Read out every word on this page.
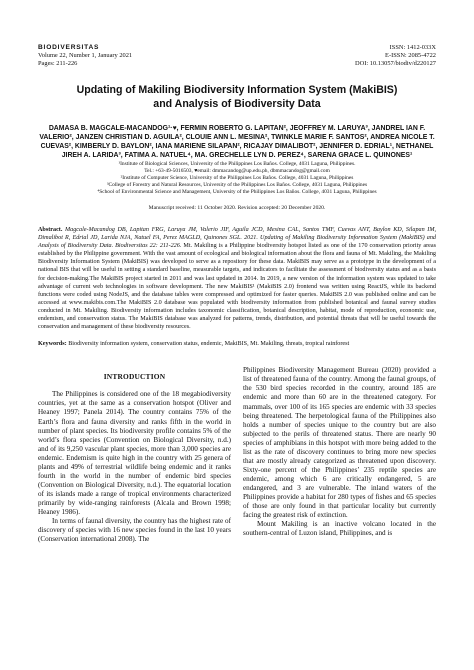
BIODIVERSITAS
Volume 22, Number 1, January 2021
Pages: 211-226
ISSN: 1412-033X
E-ISSN: 2085-4722
DOI: 10.13057/biodiv/d220127
Updating of Makiling Biodiversity Information System (MakiBIS) and Analysis of Biodiversity Data
DAMASA B. MAGCALE-MACANDOG¹·♥, FERMIN ROBERTO G. LAPITAN², JEOFFREY M. LARUYA³, JANDREL IAN F. VALERIO², JANZEN CHRISTIAN D. AGUILA², CLOUIE ANN L. MESINA², TWINKLE MARIE F. SANTOS², ANDREA NICOLE T. CUEVAS², KIMBERLY D. BAYLON², IANA MARIENE SILAPAN², RICAJAY DIMALIBOT², JENNIFER D. EDRIAL¹, NETHANEL JIREH A. LARIDA³, FATIMA A. NATUEL⁴, MA. GRECHELLE LYN D. PEREZ⁴, SARENA GRACE L. QUINONES¹
¹Institute of Biological Sciences, University of the Philippines Los Baños. College, 4031 Laguna, Philippines.
Tel.: +63-49-5016503, ♥email: dmmacandog@up.edu.ph, dbmmacandog@gmail.com
²Institute of Computer Science, University of the Philippines Los Baños. College, 4031 Laguna, Philippines
³College of Forestry and Natural Resources, University of the Philippines Los Baños. College, 4031 Laguna, Philippines
⁴School of Environmental Science and Management, University of the Philippines Los Baños. College, 4031 Laguna, Philippines
Manuscript received: 11 October 2020. Revision accepted: 20 December 2020.
Abstract. Magcale-Macandog DB, Lapitan FRG, Laruya JM, Valerio JIF, Aguila JCD, Mesina CAL, Santos TMF, Cuevas ANT, Baylon KD, Silapan IM, Dimalibot R, Edrial JD, Larida NJA, Natuel FA, Perez MAGLD, Quinones SGL. 2021. Updating of Makiling Biodiversity Information System (MakiBIS) and Analysis of Biodiversity Data. Biodiversitas 22: 211-226. Mt. Makiling is a Philippine biodiversity hotspot listed as one of the 170 conservation priority areas established by the Philippine government. With the vast amount of ecological and biological information about the flora and fauna of Mt. Makiling, the Makiling Biodiversity Information System (MakiBIS) was developed to serve as a repository for these data. MakiBIS may serve as a prototype in the development of a national BIS that will be useful in setting a standard baseline, measurable targets, and indicators to facilitate the assessment of biodiversity status and as a basis for decision-making.The MakiBIS project started in 2011 and was last updated in 2014. In 2019, a new version of the information system was updated to take advantage of current web technologies in software development. The new MakiBIS¹ (MakiBIS 2.0) frontend was written using ReactJS, while its backend functions were coded using NodeJS, and the database tables were compressed and optimized for faster queries. MakiBIS 2.0 was published online and can be accessed at www.makibis.com.The MakiBIS 2.0 database was populated with biodiversity information from published botanical and faunal survey studies conducted in Mt. Makiling. Biodiversity information includes taxonomic classification, botanical description, habitat, mode of reproduction, economic use, endemism, and conservation status. The MakiBIS database was analyzed for patterns, trends, distribution, and potential threats that will be useful towards the conservation and management of these biodiversity resources.
Keywords: Biodiversity information system, conservation status, endemic, MakiBIS, Mt. Makiling, threats, tropical rainforest
INTRODUCTION

The Philippines is considered one of the 18 megabiodiversity countries, yet at the same as a conservation hotspot (Oliver and Heaney 1997; Panela 2014). The country contains 75% of the Earth’s flora and fauna diversity and ranks fifth in the world in number of plant species. Its biodiversity profile contains 5% of the world’s flora species (Convention on Biological Diversity, n.d.) and of its 9,250 vascular plant species, more than 3,000 species are endemic. Endemism is quite high in the country with 25 genera of plants and 49% of terrestrial wildlife being endemic and it ranks fourth in the world in the number of endemic bird species (Convention on Biological Diversity, n.d.). The equatorial location of its islands made a range of tropical environments characterized primarily by wide-ranging rainforests (Alcala and Brown 1998; Heaney 1986).

In terms of faunal diversity, the country has the highest rate of discovery of species with 16 new species found in the last 10 years (Conservation international 2008). The

Philippines Biodiversity Management Bureau (2020) provided a list of threatened fauna of the country. Among the faunal groups, of the 530 bird species recorded in the country, around 185 are endemic and more than 60 are in the threatened category. For mammals, over 100 of its 165 species are endemic with 33 species being threatened. The herpetological fauna of the Philippines also holds a number of species unique to the country but are also subjected to the perils of threatened status. There are nearly 90 species of amphibians in this hotspot with more being added to the list as the rate of discovery continues to bring more new species that are mostly already categorized as threatened upon discovery. Sixty-one percent of the Philippines’ 235 reptile species are endemic, among which 6 are critically endangered, 5 are endangered, and 3 are vulnerable. The inland waters of the Philippines provide a habitat for 280 types of fishes and 65 species of those are only found in that particular locality but currently facing the greatest risk of extinction.

Mount Makiling is an inactive volcano located in the southern-central of Luzon island, Philippines, and is
